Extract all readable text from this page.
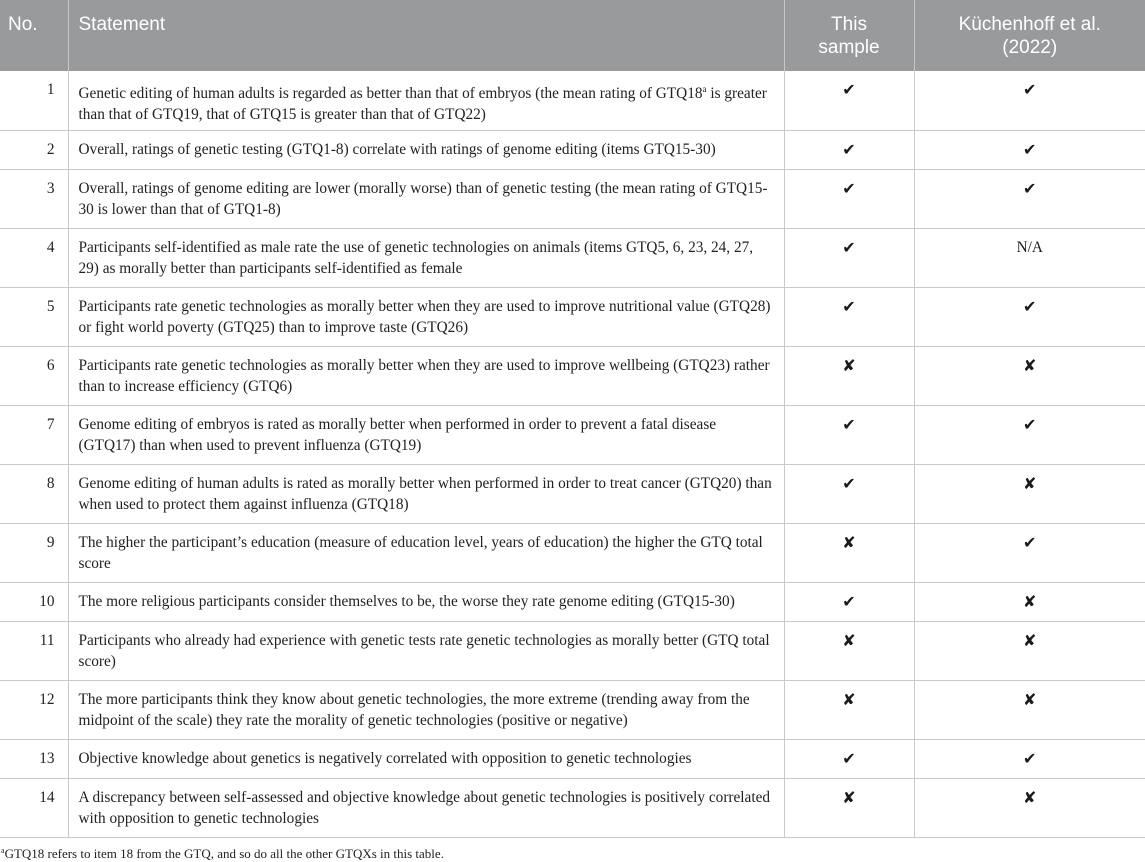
No.	Statement	This sample	Küchenhoff et al. (2022)

1	Genetic editing of human adults is regarded as better than that of embryos (the mean rating of GTQ18$^a$ is greater than that of GTQ19, that of GTQ15 is greater than that of GTQ22)	✔	✔
2	Overall, ratings of genetic testing (GTQ1-8) correlate with ratings of genome editing (items GTQ15-30)	✔	✔
3	Overall, ratings of genome editing are lower (morally worse) than of genetic testing (the mean rating of GTQ15-30 is lower than that of GTQ1-8)	✔	✔
4	Participants self-identified as male rate the use of genetic technologies on animals (items GTQ5, 6, 23, 24, 27, 29) as morally better than participants self-identified as female	✔	N/A
5	Participants rate genetic technologies as morally better when they are used to improve nutritional value (GTQ28) or fight world poverty (GTQ25) than to improve taste (GTQ26)	✔	✔
6	Participants rate genetic technologies as morally better when they are used to improve wellbeing (GTQ23) rather than to increase efficiency (GTQ6)	✘	✘
7	Genome editing of embryos is rated as morally better when performed in order to prevent a fatal disease (GTQ17) than when used to prevent influenza (GTQ19)	✔	✔
8	Genome editing of human adults is rated as morally better when performed in order to treat cancer (GTQ20) than when used to protect them against influenza (GTQ18)	✔	✘
9	The higher the participant’s education (measure of education level, years of education) the higher the GTQ total score	✘	✔
10	The more religious participants consider themselves to be, the worse they rate genome editing (GTQ15-30)	✔	✘
11	Participants who already had experience with genetic tests rate genetic technologies as morally better (GTQ total score)	✘	✘
12	The more participants think they know about genetic technologies, the more extreme (trending away from the midpoint of the scale) they rate the morality of genetic technologies (positive or negative)	✘	✘
13	Objective knowledge about genetics is negatively correlated with opposition to genetic technologies	✔	✔
14	A discrepancy between self-assessed and objective knowledge about genetic technologies is positively correlated with opposition to genetic technologies	✘	✘
$^a$GTQ18 refers to item 18 from the GTQ, and so do all the other GTQXs in this table.
